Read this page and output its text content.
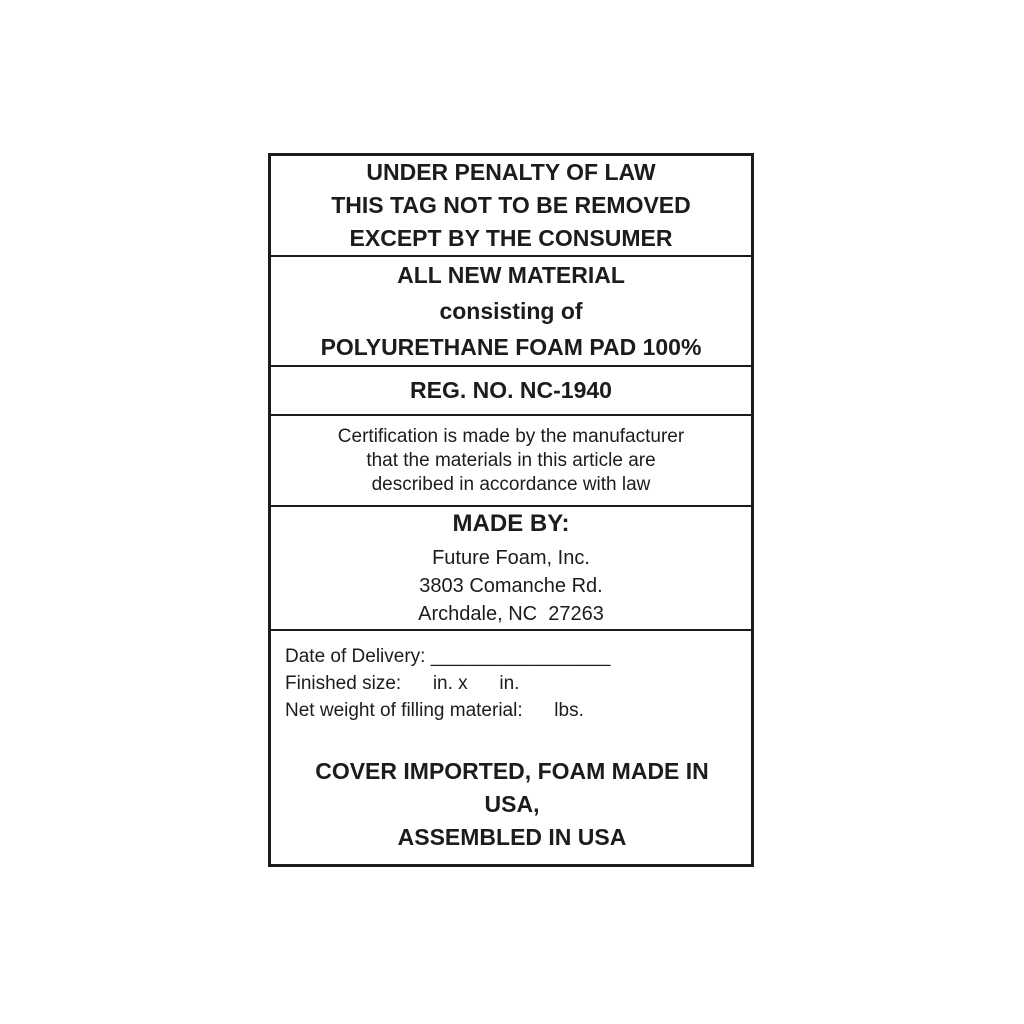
UNDER PENALTY OF LAW
THIS TAG NOT TO BE REMOVED
EXCEPT BY THE CONSUMER
ALL NEW MATERIAL
consisting of
POLYURETHANE FOAM PAD 100%
REG. NO. NC-1940
Certification is made by the manufacturer
that the materials in this article are
described in accordance with law
MADE BY:
Future Foam, Inc.
3803 Comanche Rd.
Archdale, NC  27263
Date of Delivery: _________________
Finished size:      in. x      in.
Net weight of filling material:      lbs.
COVER IMPORTED, FOAM MADE IN USA,
ASSEMBLED IN USA
